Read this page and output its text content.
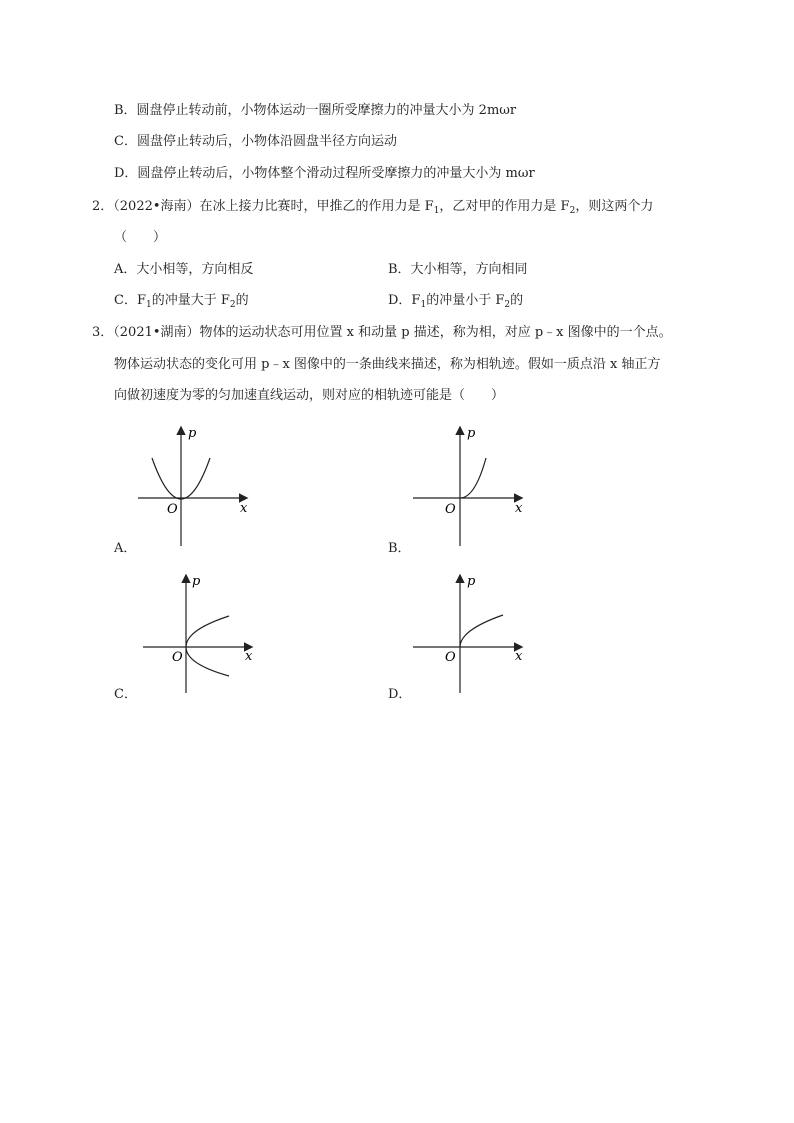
B．圆盘停止转动前，小物体运动一圈所受摩擦力的冲量大小为 2mωr
C．圆盘停止转动后，小物体沿圆盘半径方向运动
D．圆盘停止转动后，小物体整个滑动过程所受摩擦力的冲量大小为 mωr
2．（2022•海南）在冰上接力比赛时，甲推乙的作用力是 $F_1$，乙对甲的作用力是 $F_2$，则这两个力
（　　）
A．大小相等，方向相反	B．大小相等，方向相同
C．$F_1$的冲量大于 $F_2$的	D．$F_1$的冲量小于 $F_2$的
3．（2021•湖南）物体的运动状态可用位置 x 和动量 p 描述，称为相，对应 p﹣x 图像中的一个点。
物体运动状态的变化可用 p﹣x 图像中的一条曲线来描述，称为相轨迹。假如一质点沿 x 轴正方
向做初速度为零的匀加速直线运动，则对应的相轨迹可能是（　　）
p
x
O
A．
p
x
O
B．
p
x
O
C．
p
x
O
D．
